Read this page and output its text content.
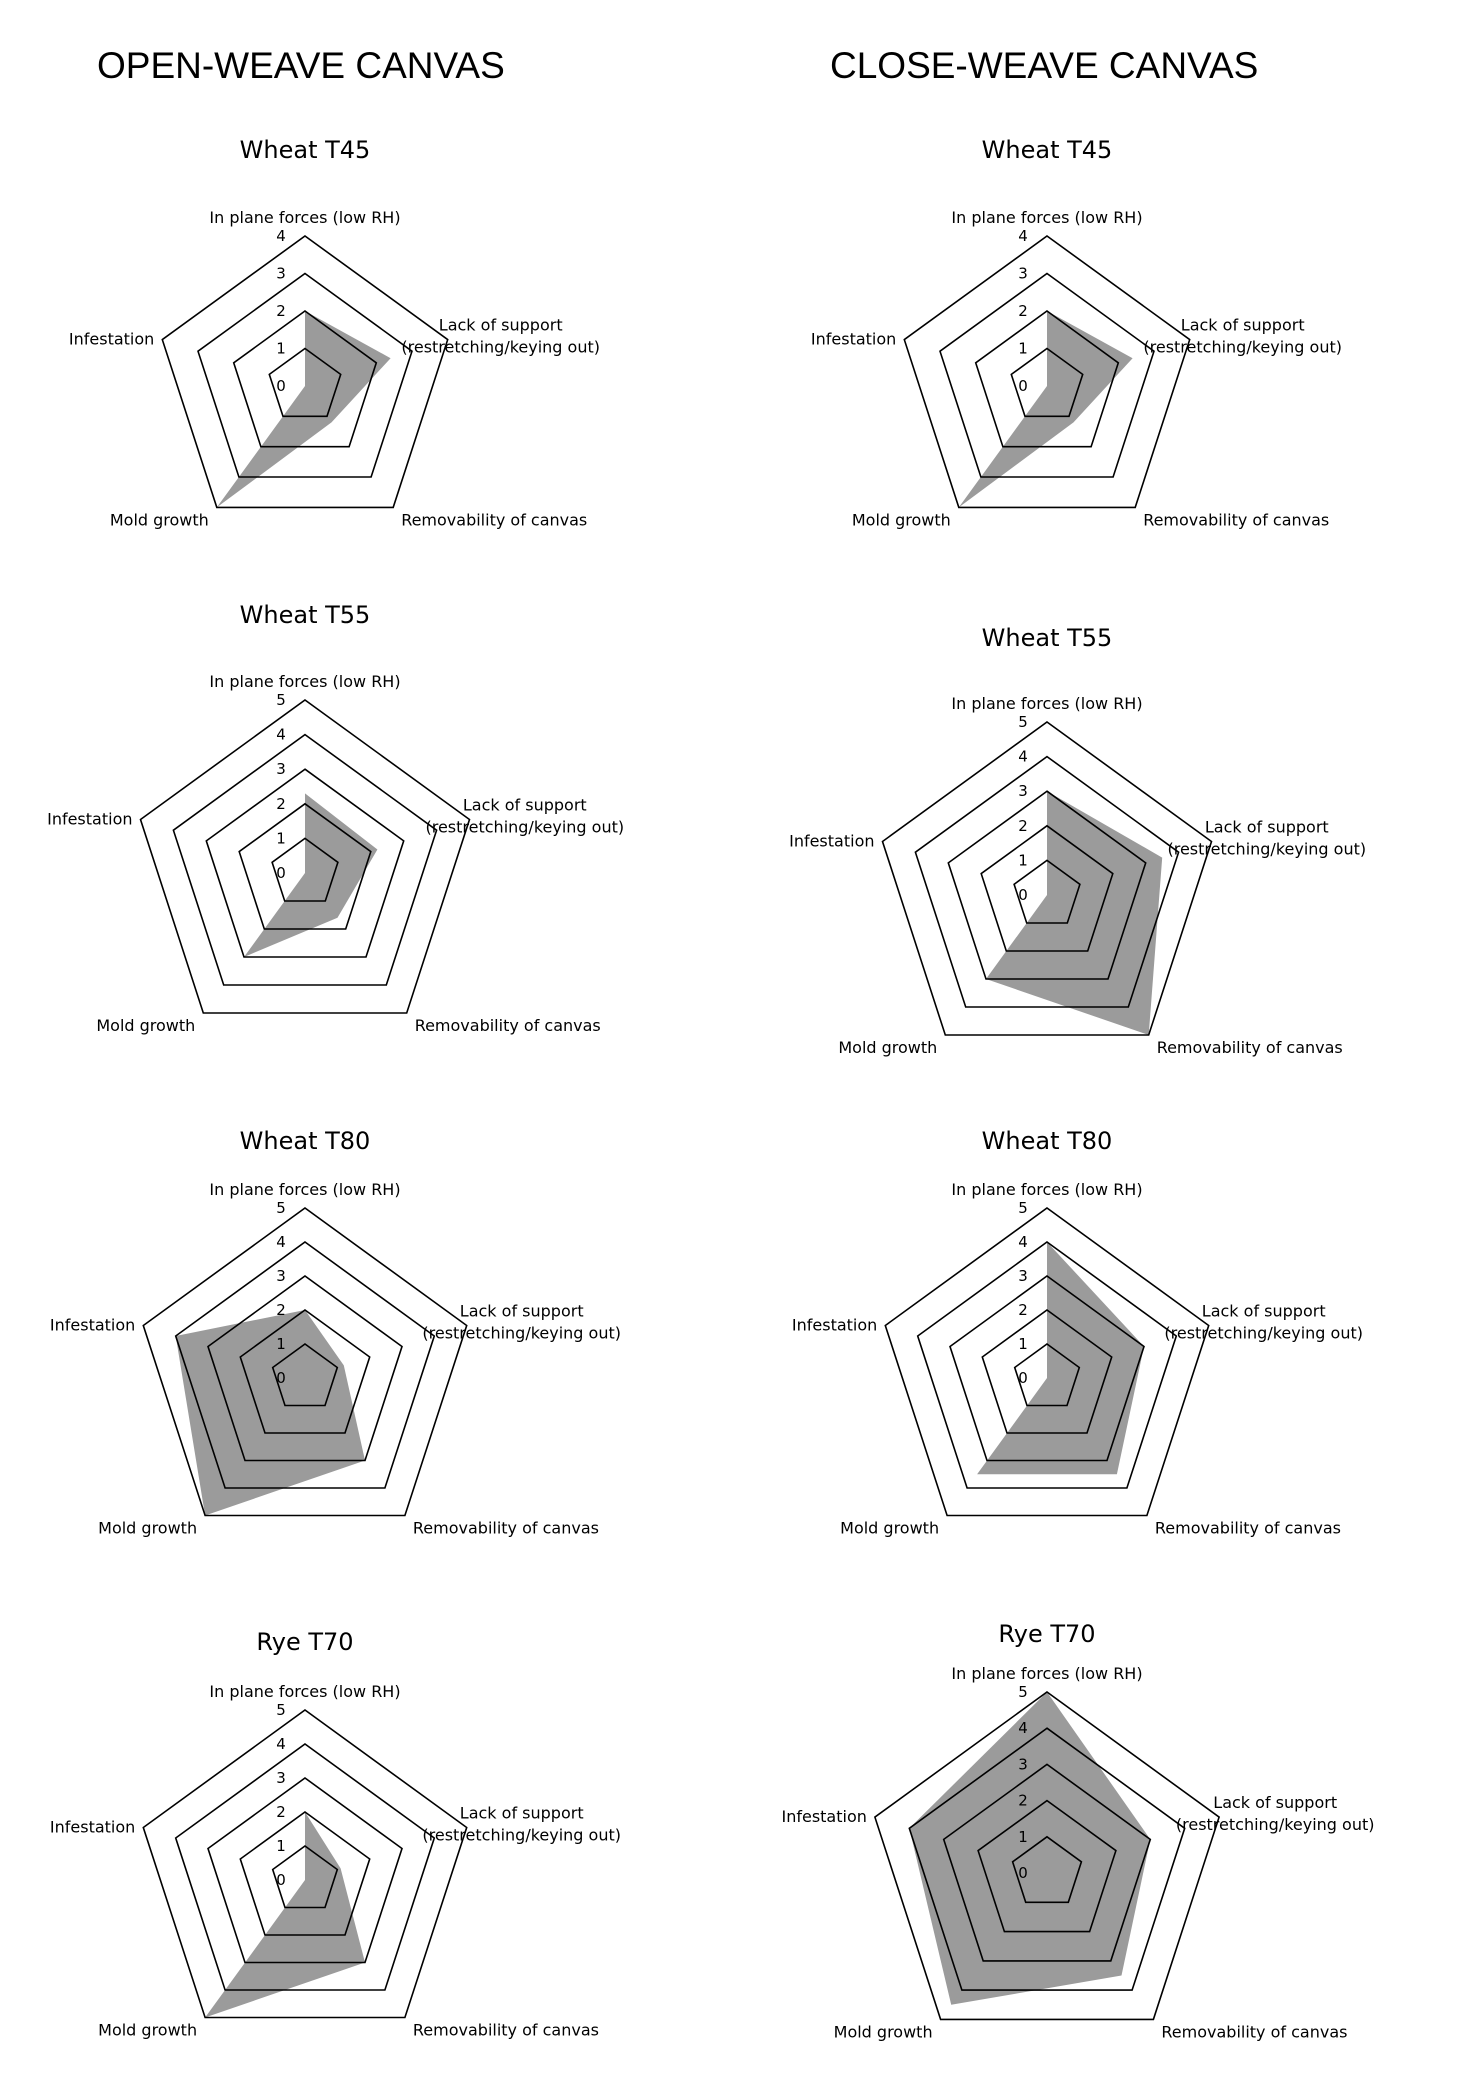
OPEN-WEAVE CANVAS	CLOSE-WEAVE CANVAS
Wheat T45
0
1
2
3
4
In plane forces (low RH)
Lack of support (restretching/keying out)
Removability of canvas
Mold growth
Infestation
Wheat T45
0
1
2
3
4
In plane forces (low RH)
Lack of support (restretching/keying out)
Removability of canvas
Mold growth
Infestation
Wheat T55
0
1
2
3
4
5
In plane forces (low RH)
Lack of support (restretching/keying out)
Removability of canvas
Mold growth
Infestation
Wheat T55
0
1
2
3
4
5
In plane forces (low RH)
Lack of support (restretching/keying out)
Removability of canvas
Mold growth
Infestation
Wheat T80
0
1
2
3
4
5
In plane forces (low RH)
Lack of support (restretching/keying out)
Removability of canvas
Mold growth
Infestation
Wheat T80
0
1
2
3
4
5
In plane forces (low RH)
Lack of support (restretching/keying out)
Removability of canvas
Mold growth
Infestation
Rye T70
0
1
2
3
4
5
In plane forces (low RH)
Lack of support (restretching/keying out)
Removability of canvas
Mold growth
Infestation
Rye T70
0
1
2
3
4
5
In plane forces (low RH)
Lack of support (restretching/keying out)
Removability of canvas
Mold growth
Infestation
